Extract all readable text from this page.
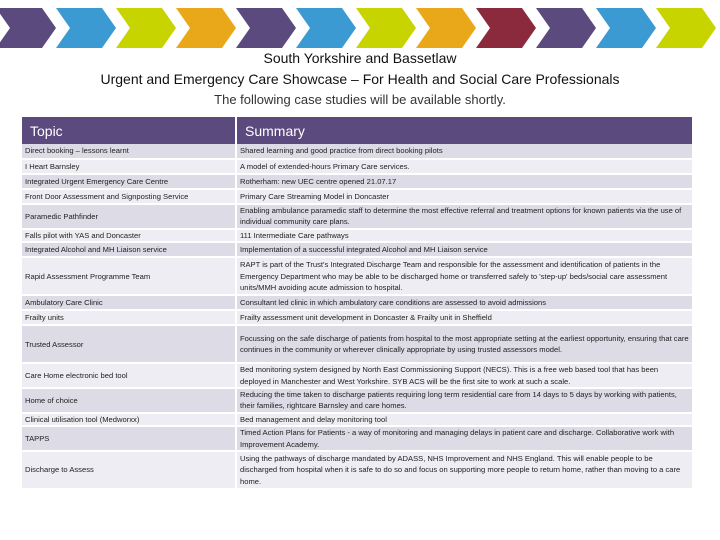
South Yorkshire and Bassetlaw
Urgent and Emergency Care Showcase – For Health and Social Care Professionals
The following case studies will be available shortly.
Topic	Summary
Direct booking – lessons learnt	Shared learning and good practice from direct booking pilots
I Heart Barnsley	A model of extended-hours Primary Care services.
Integrated Urgent Emergency Care Centre	Rotherham: new UEC centre opened 21.07.17
Front Door Assessment and Signposting Service	Primary Care Streaming Model in Doncaster
Paramedic Pathfinder	Enabling ambulance paramedic staff to determine the most effective referral and treatment options for known patients via the use of individual community care plans.
Falls pilot with YAS and Doncaster	111 Intermediate Care pathways
Integrated Alcohol and MH Liaison service	Implementation of a successful integrated Alcohol and MH Liaison service
Rapid Assessment Programme Team	RAPT is part of the Trust's Integrated Discharge Team and responsible for the assessment and identification of patients in the Emergency Department who may be able to be discharged home or transferred safely to 'step-up' beds/social care assessment units/MMH avoiding acute admission to hospital.
Ambulatory Care Clinic	Consultant led clinic in which ambulatory care conditions are assessed to avoid admissions
Frailty units	Frailty assessment unit development in Doncaster & Frailty unit in Sheffield
Trusted Assessor	Focussing on the safe discharge of patients from hospital to the most appropriate setting at the earliest opportunity, ensuring that care continues in the community or wherever clinically appropriate by using trusted assessors model.
Care Home electronic bed tool	Bed monitoring system designed by North East Commissioning Support (NECS). This is a free web based tool that has been deployed in Manchester and West Yorkshire. SYB ACS will be the first site to work at such a scale.
Home of choice	Reducing the time taken to discharge patients requiring long term residential care from 14 days to 5 days by working with patients, their families, rightcare Barnsley and care homes.
Clinical utilisation tool (Medworxx)	Bed management and delay monitoring tool
TAPPS	Timed Action Plans for Patients - a way of monitoring and managing delays in patient care and discharge. Collaborative work with Improvement Academy.
Discharge to Assess	Using the pathways of discharge mandated by ADASS, NHS Improvement and NHS England. This will enable people to be discharged from hospital when it is safe to do so and focus on supporting more people to return home, rather than moving to a care home.
